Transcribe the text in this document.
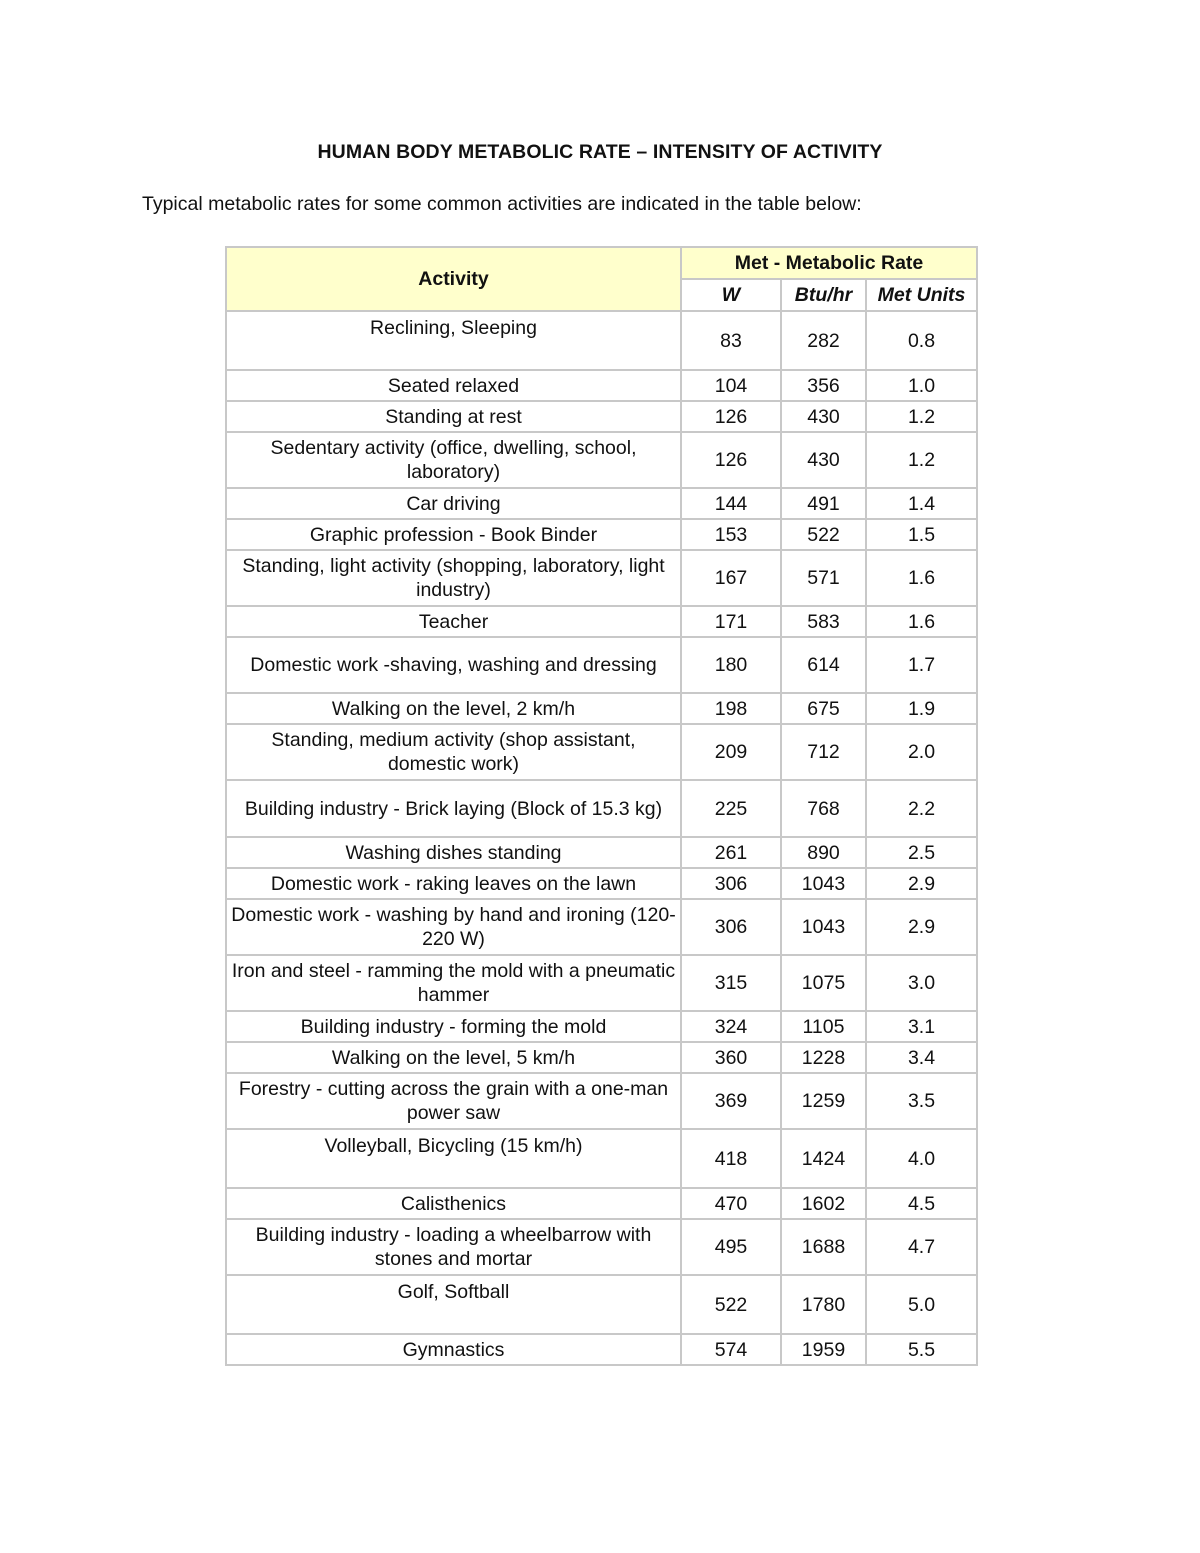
HUMAN BODY METABOLIC RATE – INTENSITY OF ACTIVITY

Typical metabolic rates for some common activities are indicated in the table below:

Activity	Met - Metabolic Rate		
	W	Btu/hr	Met Units
Reclining, Sleeping	83	282	0.8
Seated relaxed	104	356	1.0
Standing at rest	126	430	1.2
Sedentary activity (office, dwelling, school, laboratory)	126	430	1.2
Car driving	144	491	1.4
Graphic profession - Book Binder	153	522	1.5
Standing, light activity (shopping, laboratory, light industry)	167	571	1.6
Teacher	171	583	1.6
Domestic work -shaving, washing and dressing	180	614	1.7
Walking on the level, 2 km/h	198	675	1.9
Standing, medium activity (shop assistant, domestic work)	209	712	2.0
Building industry - Brick laying (Block of 15.3 kg)	225	768	2.2
Washing dishes standing	261	890	2.5
Domestic work - raking leaves on the lawn	306	1043	2.9
Domestic work - washing by hand and ironing (120-220 W)	306	1043	2.9
Iron and steel - ramming the mold with a pneumatic hammer	315	1075	3.0
Building industry - forming the mold	324	1105	3.1
Walking on the level, 5 km/h	360	1228	3.4
Forestry - cutting across the grain with a one-man power saw	369	1259	3.5
Volleyball, Bicycling (15 km/h)	418	1424	4.0
Calisthenics	470	1602	4.5
Building industry - loading a wheelbarrow with stones and mortar	495	1688	4.7
Golf, Softball	522	1780	5.0
Gymnastics	574	1959	5.5
